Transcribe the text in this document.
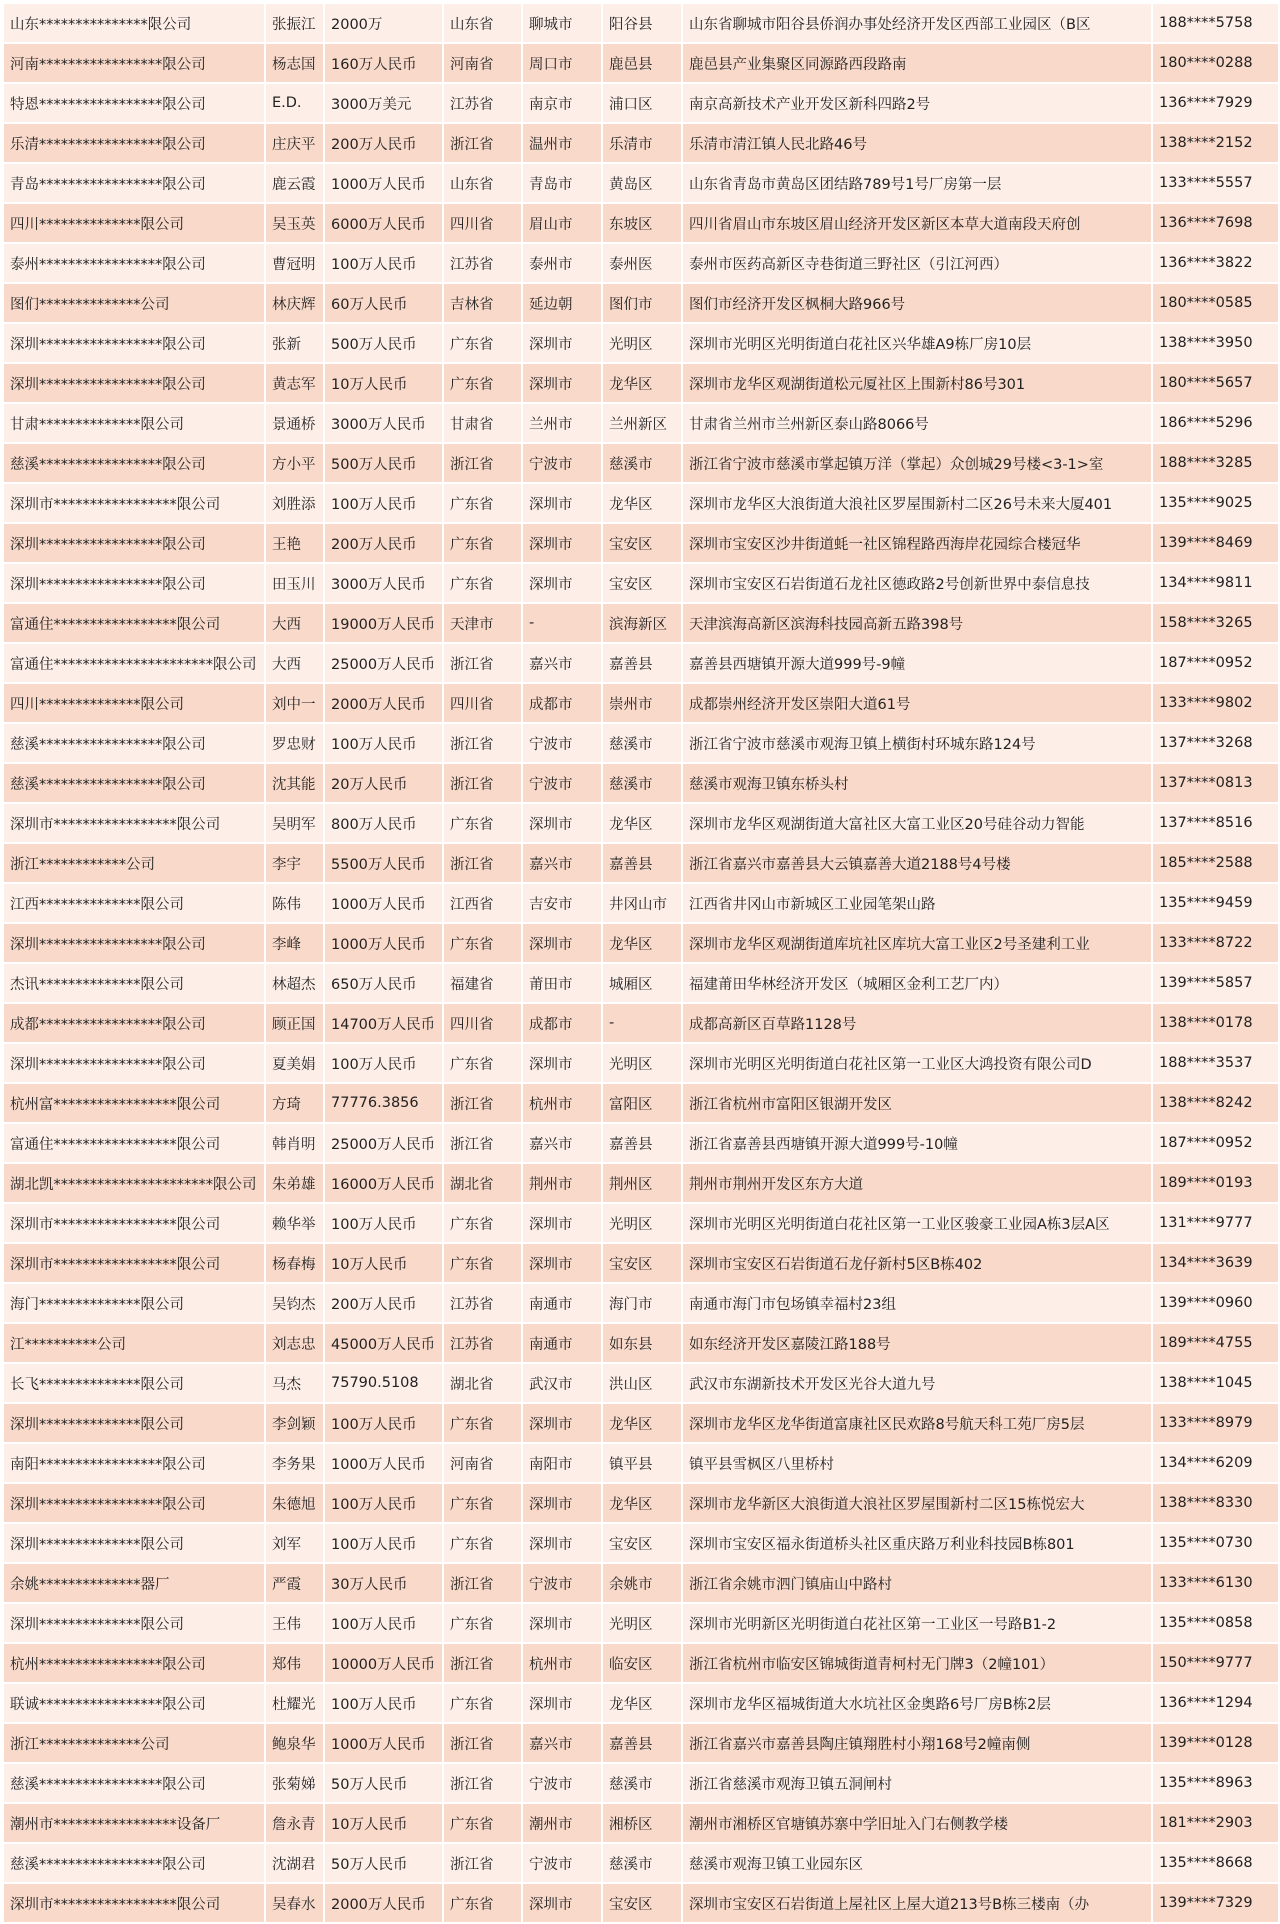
山东***************限公司	张振江	2000万	山东省	聊城市	阳谷县	山东省聊城市阳谷县侨润办事处经济开发区西部工业园区（B区	188****5758
河南*****************限公司	杨志国	160万人民币	河南省	周口市	鹿邑县	鹿邑县产业集聚区同源路西段路南	180****0288
特恩*****************限公司	E.D.	3000万美元	江苏省	南京市	浦口区	南京高新技术产业开发区新科四路2号	136****7929
乐清*****************限公司	庄庆平	200万人民币	浙江省	温州市	乐清市	乐清市清江镇人民北路46号	138****2152
青岛*****************限公司	鹿云霞	1000万人民币	山东省	青岛市	黄岛区	山东省青岛市黄岛区团结路789号1号厂房第一层	133****5557
四川**************限公司	吴玉英	6000万人民币	四川省	眉山市	东坡区	四川省眉山市东坡区眉山经济开发区新区本草大道南段天府创	136****7698
泰州*****************限公司	曹冠明	100万人民币	江苏省	泰州市	泰州医	泰州市医药高新区寺巷街道三野社区（引江河西）	136****3822
图们**************公司	林庆辉	60万人民币	吉林省	延边朝	图们市	图们市经济开发区枫桐大路966号	180****0585
深圳*****************限公司	张新	500万人民币	广东省	深圳市	光明区	深圳市光明区光明街道白花社区兴华雄A9栋厂房10层	138****3950
深圳*****************限公司	黄志军	10万人民币	广东省	深圳市	龙华区	深圳市龙华区观湖街道松元厦社区上围新村86号301	180****5657
甘肃**************限公司	景通桥	3000万人民币	甘肃省	兰州市	兰州新区	甘肃省兰州市兰州新区泰山路8066号	186****5296
慈溪*****************限公司	方小平	500万人民币	浙江省	宁波市	慈溪市	浙江省宁波市慈溪市掌起镇万洋（掌起）众创城29号楼<3-1>室	188****3285
深圳市*****************限公司	刘胜添	100万人民币	广东省	深圳市	龙华区	深圳市龙华区大浪街道大浪社区罗屋围新村二区26号未来大厦401	135****9025
深圳*****************限公司	王艳	200万人民币	广东省	深圳市	宝安区	深圳市宝安区沙井街道蚝一社区锦程路西海岸花园综合楼冠华	139****8469
深圳*****************限公司	田玉川	3000万人民币	广东省	深圳市	宝安区	深圳市宝安区石岩街道石龙社区德政路2号创新世界中泰信息技	134****9811
富通住*****************限公司	大西	19000万人民币	天津市	-	滨海新区	天津滨海高新区滨海科技园高新五路398号	158****3265
富通住**********************限公司	大西	25000万人民币	浙江省	嘉兴市	嘉善县	嘉善县西塘镇开源大道999号-9幢	187****0952
四川**************限公司	刘中一	2000万人民币	四川省	成都市	崇州市	成都崇州经济开发区崇阳大道61号	133****9802
慈溪*****************限公司	罗忠财	100万人民币	浙江省	宁波市	慈溪市	浙江省宁波市慈溪市观海卫镇上横街村环城东路124号	137****3268
慈溪*****************限公司	沈其能	20万人民币	浙江省	宁波市	慈溪市	慈溪市观海卫镇东桥头村	137****0813
深圳市*****************限公司	吴明军	800万人民币	广东省	深圳市	龙华区	深圳市龙华区观湖街道大富社区大富工业区20号硅谷动力智能	137****8516
浙江************公司	李宇	5500万人民币	浙江省	嘉兴市	嘉善县	浙江省嘉兴市嘉善县大云镇嘉善大道2188号4号楼	185****2588
江西**************限公司	陈伟	1000万人民币	江西省	吉安市	井冈山市	江西省井冈山市新城区工业园笔架山路	135****9459
深圳*****************限公司	李峰	1000万人民币	广东省	深圳市	龙华区	深圳市龙华区观湖街道库坑社区库坑大富工业区2号圣建利工业	133****8722
杰讯**************限公司	林超杰	650万人民币	福建省	莆田市	城厢区	福建莆田华林经济开发区（城厢区金利工艺厂内）	139****5857
成都*****************限公司	顾正国	14700万人民币	四川省	成都市	-	成都高新区百草路1128号	138****0178
深圳*****************限公司	夏美娟	100万人民币	广东省	深圳市	光明区	深圳市光明区光明街道白花社区第一工业区大鸿投资有限公司D	188****3537
杭州富*****************限公司	方琦	77776.3856	浙江省	杭州市	富阳区	浙江省杭州市富阳区银湖开发区	138****8242
富通住*****************限公司	韩肖明	25000万人民币	浙江省	嘉兴市	嘉善县	浙江省嘉善县西塘镇开源大道999号-10幢	187****0952
湖北凯**********************限公司	朱弟雄	16000万人民币	湖北省	荆州市	荆州区	荆州市荆州开发区东方大道	189****0193
深圳市*****************限公司	赖华举	100万人民币	广东省	深圳市	光明区	深圳市光明区光明街道白花社区第一工业区骏豪工业园A栋3层A区	131****9777
深圳市*****************限公司	杨春梅	10万人民币	广东省	深圳市	宝安区	深圳市宝安区石岩街道石龙仔新村5区B栋402	134****3639
海门**************限公司	吴钧杰	200万人民币	江苏省	南通市	海门市	南通市海门市包场镇幸福村23组	139****0960
江**********公司	刘志忠	45000万人民币	江苏省	南通市	如东县	如东经济开发区嘉陵江路188号	189****4755
长飞**************限公司	马杰	75790.5108	湖北省	武汉市	洪山区	武汉市东湖新技术开发区光谷大道九号	138****1045
深圳**************限公司	李剑颖	100万人民币	广东省	深圳市	龙华区	深圳市龙华区龙华街道富康社区民欢路8号航天科工苑厂房5层	133****8979
南阳*****************限公司	李务果	1000万人民币	河南省	南阳市	镇平县	镇平县雪枫区八里桥村	134****6209
深圳*****************限公司	朱德旭	100万人民币	广东省	深圳市	龙华区	深圳市龙华新区大浪街道大浪社区罗屋围新村二区15栋悦宏大	138****8330
深圳**************限公司	刘军	100万人民币	广东省	深圳市	宝安区	深圳市宝安区福永街道桥头社区重庆路万利业科技园B栋801	135****0730
余姚**************器厂	严霞	30万人民币	浙江省	宁波市	余姚市	浙江省余姚市泗门镇庙山中路村	133****6130
深圳**************限公司	王伟	100万人民币	广东省	深圳市	光明区	深圳市光明新区光明街道白花社区第一工业区一号路B1-2	135****0858
杭州*****************限公司	郑伟	10000万人民币	浙江省	杭州市	临安区	浙江省杭州市临安区锦城街道青柯村无门牌3（2幢101）	150****9777
联诚*****************限公司	杜耀光	100万人民币	广东省	深圳市	龙华区	深圳市龙华区福城街道大水坑社区金奥路6号厂房B栋2层	136****1294
浙江**************公司	鲍泉华	1000万人民币	浙江省	嘉兴市	嘉善县	浙江省嘉兴市嘉善县陶庄镇翔胜村小翔168号2幢南侧	139****0128
慈溪*****************限公司	张菊娣	50万人民币	浙江省	宁波市	慈溪市	浙江省慈溪市观海卫镇五洞闸村	135****8963
潮州市*****************设备厂	詹永青	10万人民币	广东省	潮州市	湘桥区	潮州市湘桥区官塘镇苏寨中学旧址入门右侧教学楼	181****2903
慈溪*****************限公司	沈湖君	50万人民币	浙江省	宁波市	慈溪市	慈溪市观海卫镇工业园东区	135****8668
深圳市*****************限公司	吴春水	2000万人民币	广东省	深圳市	宝安区	深圳市宝安区石岩街道上屋社区上屋大道213号B栋三楼南（办	139****7329
